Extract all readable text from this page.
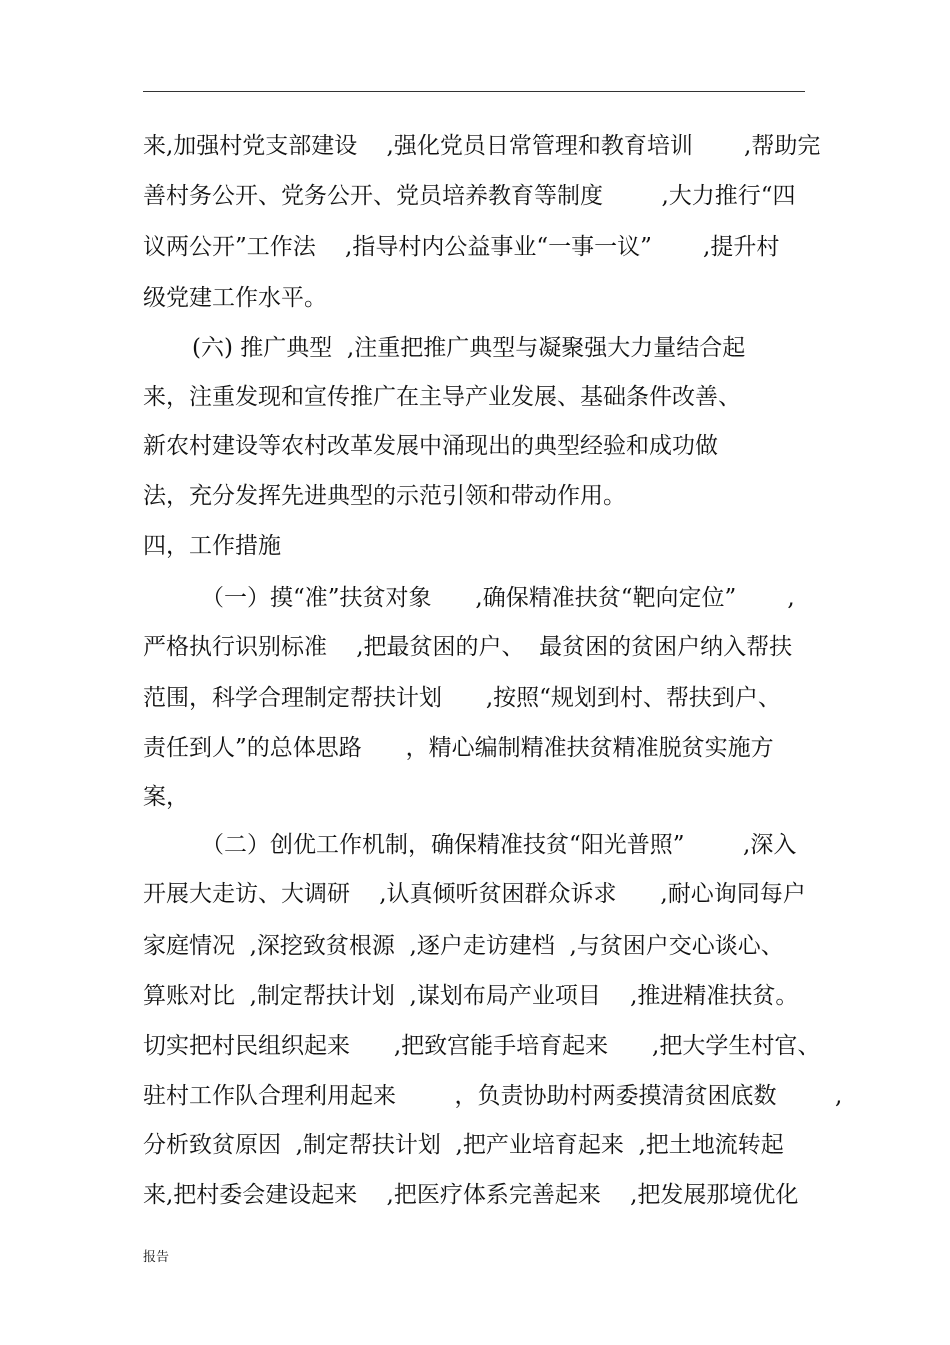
来,加强村党支部建设    ,强化党员日常管理和教育培训       ,帮助完

善村务公开、党务公开、党员培养教育等制度        ,大力推行“四

议两公开”工作法    ,指导村内公益事业“一事一议”       ,提升村

级党建工作水平。

(六) 推广典型  ,注重把推广典型与凝聚强大力量结合起

来，注重发现和宣传推广在主导产业发展、基础条件改善、

新农村建设等农村改革发展中涌现出的典型经验和成功做

法，充分发挥先进典型的示范引领和带动作用。

四，工作措施

（一）摸“准”扶贫对象      ,确保精准扶贫“靶向定位”       ,

严格执行识别标准    ,把最贫困的户、  最贫困的贫困户纳入帮扶

范围，科学合理制定帮扶计划      ,按照“规划到村、帮扶到户、

责任到人”的总体思路      ，精心编制精准扶贫精准脱贫实施方

案，

（二）创优工作机制，确保精准技贫“阳光普照”        ,深入

开展大走访、大调研    ,认真倾听贫困群众诉求      ,耐心询同每户

家庭情况  ,深挖致贫根源  ,逐户走访建档  ,与贫困户交心谈心、

算账对比  ,制定帮扶计划  ,谋划布局产业项目    ,推进精准扶贫。

切实把村民组织起来      ,把致宫能手培育起来      ,把大学生村官、

驻村工作队合理利用起来        ，负责协助村两委摸清贫困底数        ,

分析致贫原因  ,制定帮扶计划  ,把产业培育起来  ,把土地流转起

来,把村委会建设起来    ,把医疗体系完善起来    ,把发展那境优化

报告
